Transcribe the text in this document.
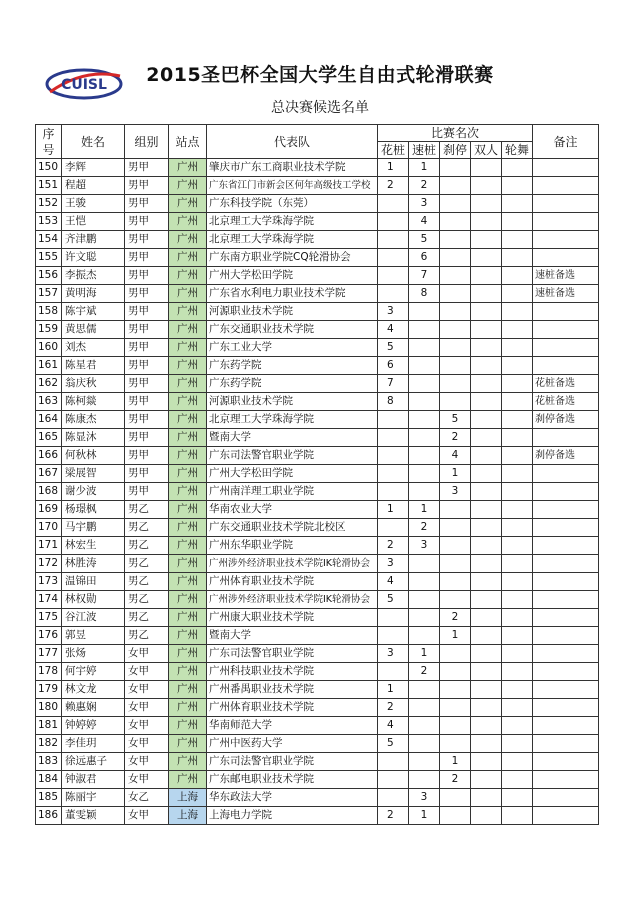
CUISL	2015圣巴杯全国大学生自由式轮滑联赛
总决赛候选名单
序
号	姓名	组别	站点	代表队	比赛名次					备注
					花桩	速桩	刹停	双人	轮舞	
150	李辉	男甲	广州	肇庆市广东工商职业技术学院	1	1				
151	程超	男甲	广州	广东省江门市新会区何年高级技工学校	2	2				
152	王骏	男甲	广州	广东科技学院（东莞）		3				
153	王恺	男甲	广州	北京理工大学珠海学院		4				
154	齐津鹏	男甲	广州	北京理工大学珠海学院		5				
155	许文聪	男甲	广州	广东南方职业学院CQ轮滑协会		6				
156	李振杰	男甲	广州	广州大学松田学院		7				速桩备选
157	黄明海	男甲	广州	广东省水利电力职业技术学院		8				速桩备选
158	陈宇斌	男甲	广州	河源职业技术学院	3					
159	黄思儒	男甲	广州	广东交通职业技术学院	4					
160	刘杰	男甲	广州	广东工业大学	5					
161	陈星君	男甲	广州	广东药学院	6					
162	翁庆秋	男甲	广州	广东药学院	7					花桩备选
163	陈柯燚	男甲	广州	河源职业技术学院	8					花桩备选
164	陈康杰	男甲	广州	北京理工大学珠海学院			5			刹停备选
165	陈显沐	男甲	广州	暨南大学			2			
166	何秋林	男甲	广州	广东司法警官职业学院			4			刹停备选
167	梁展智	男甲	广州	广州大学松田学院			1			
168	谢少波	男甲	广州	广州南洋理工职业学院			3			
169	杨璟枫	男乙	广州	华南农业大学	1	1				
170	马宇鹏	男乙	广州	广东交通职业技术学院北校区		2				
171	林宏生	男乙	广州	广州东华职业学院	2	3				
172	林胜涛	男乙	广州	广州涉外经济职业技术学院IK轮滑协会	3					
173	温锦田	男乙	广州	广州体育职业技术学院	4					
174	林权勋	男乙	广州	广州涉外经济职业技术学院IK轮滑协会	5					
175	谷江波	男乙	广州	广州康大职业技术学院			2			
176	郭昱	男乙	广州	暨南大学			1			
177	张炀	女甲	广州	广东司法警官职业学院	3	1				
178	何宇婷	女甲	广州	广州科技职业技术学院		2				
179	林文龙	女甲	广州	广州番禺职业技术学院	1					
180	赖惠娴	女甲	广州	广州体育职业技术学院	2					
181	钟婷婷	女甲	广州	华南师范大学	4					
182	李佳玥	女甲	广州	广州中医药大学	5					
183	徐远惠子	女甲	广州	广东司法警官职业学院			1			
184	钟淑君	女甲	广州	广东邮电职业技术学院			2			
185	陈丽宇	女乙	上海	华东政法大学		3				
186	董雯颖	女甲	上海	上海电力学院	2	1				
